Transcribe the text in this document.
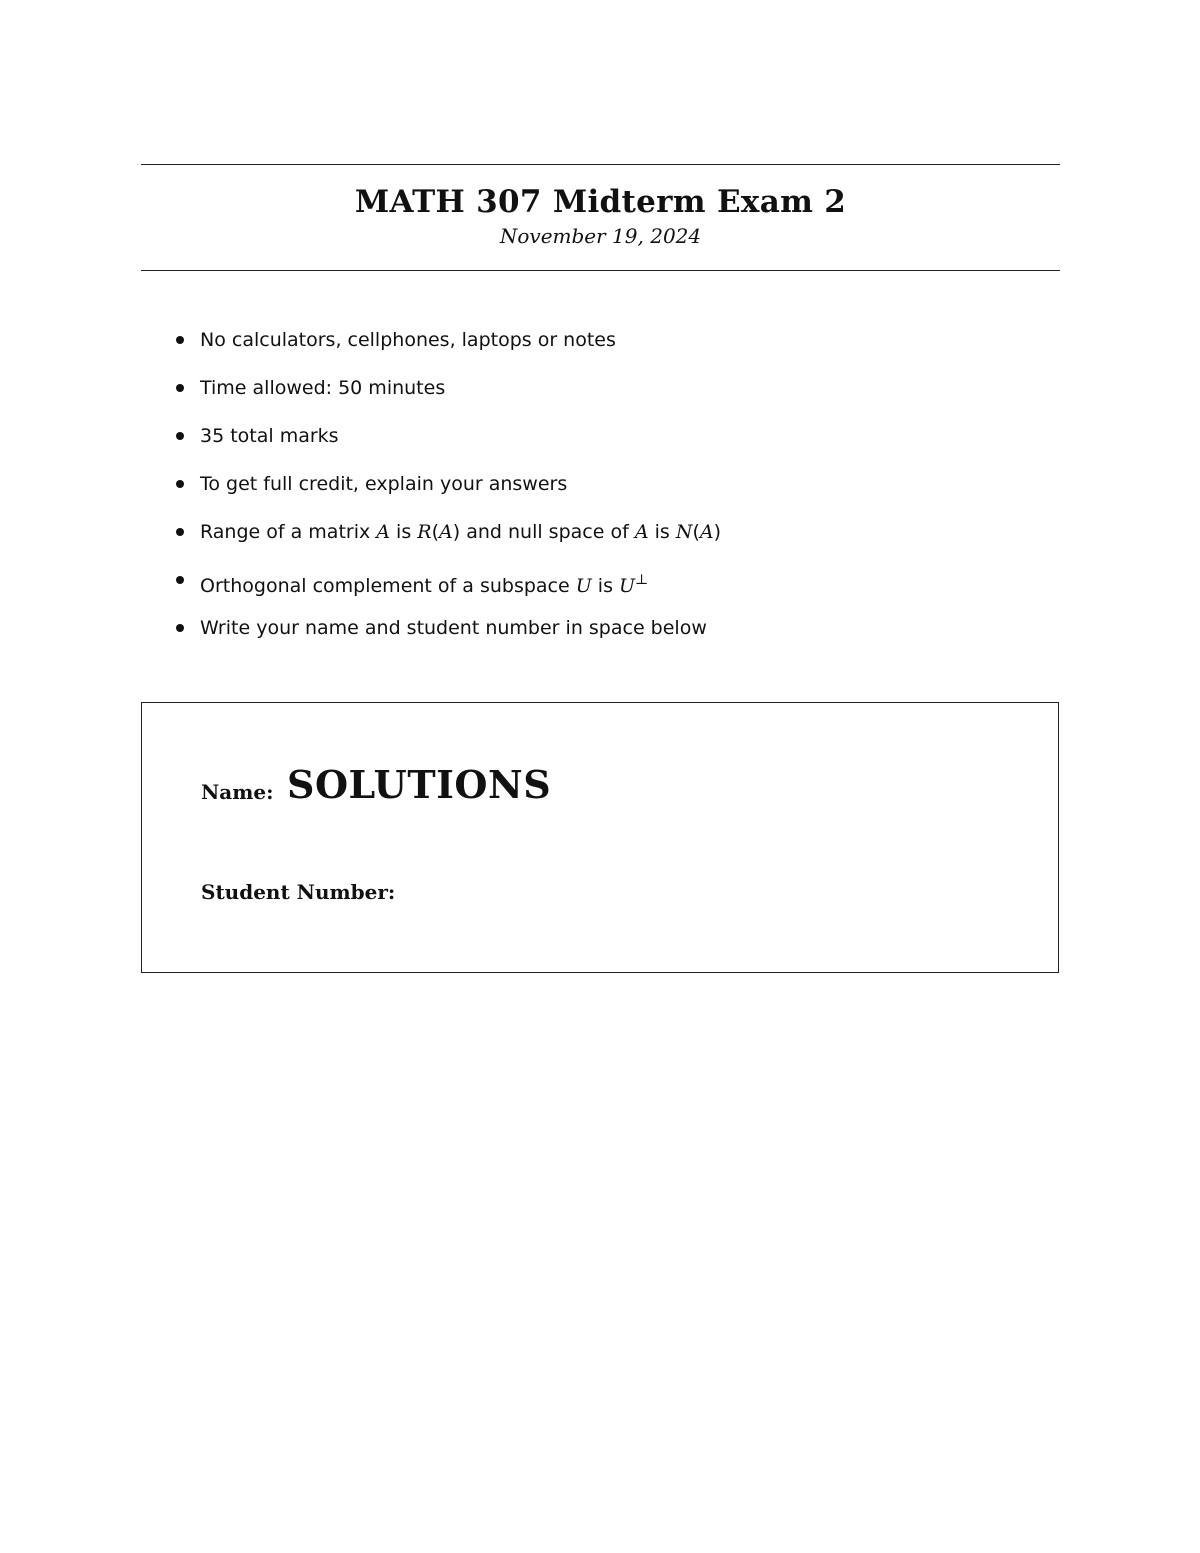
MATH 307 Midterm Exam 2
November 19, 2024
No calculators, cellphones, laptops or notes
Time allowed: 50 minutes
35 total marks
To get full credit, explain your answers
Range of a matrix A is R(A) and null space of A is N(A)
Orthogonal complement of a subspace U is U⊥
Write your name and student number in space below
Name: SOLUTIONS
Student Number:
